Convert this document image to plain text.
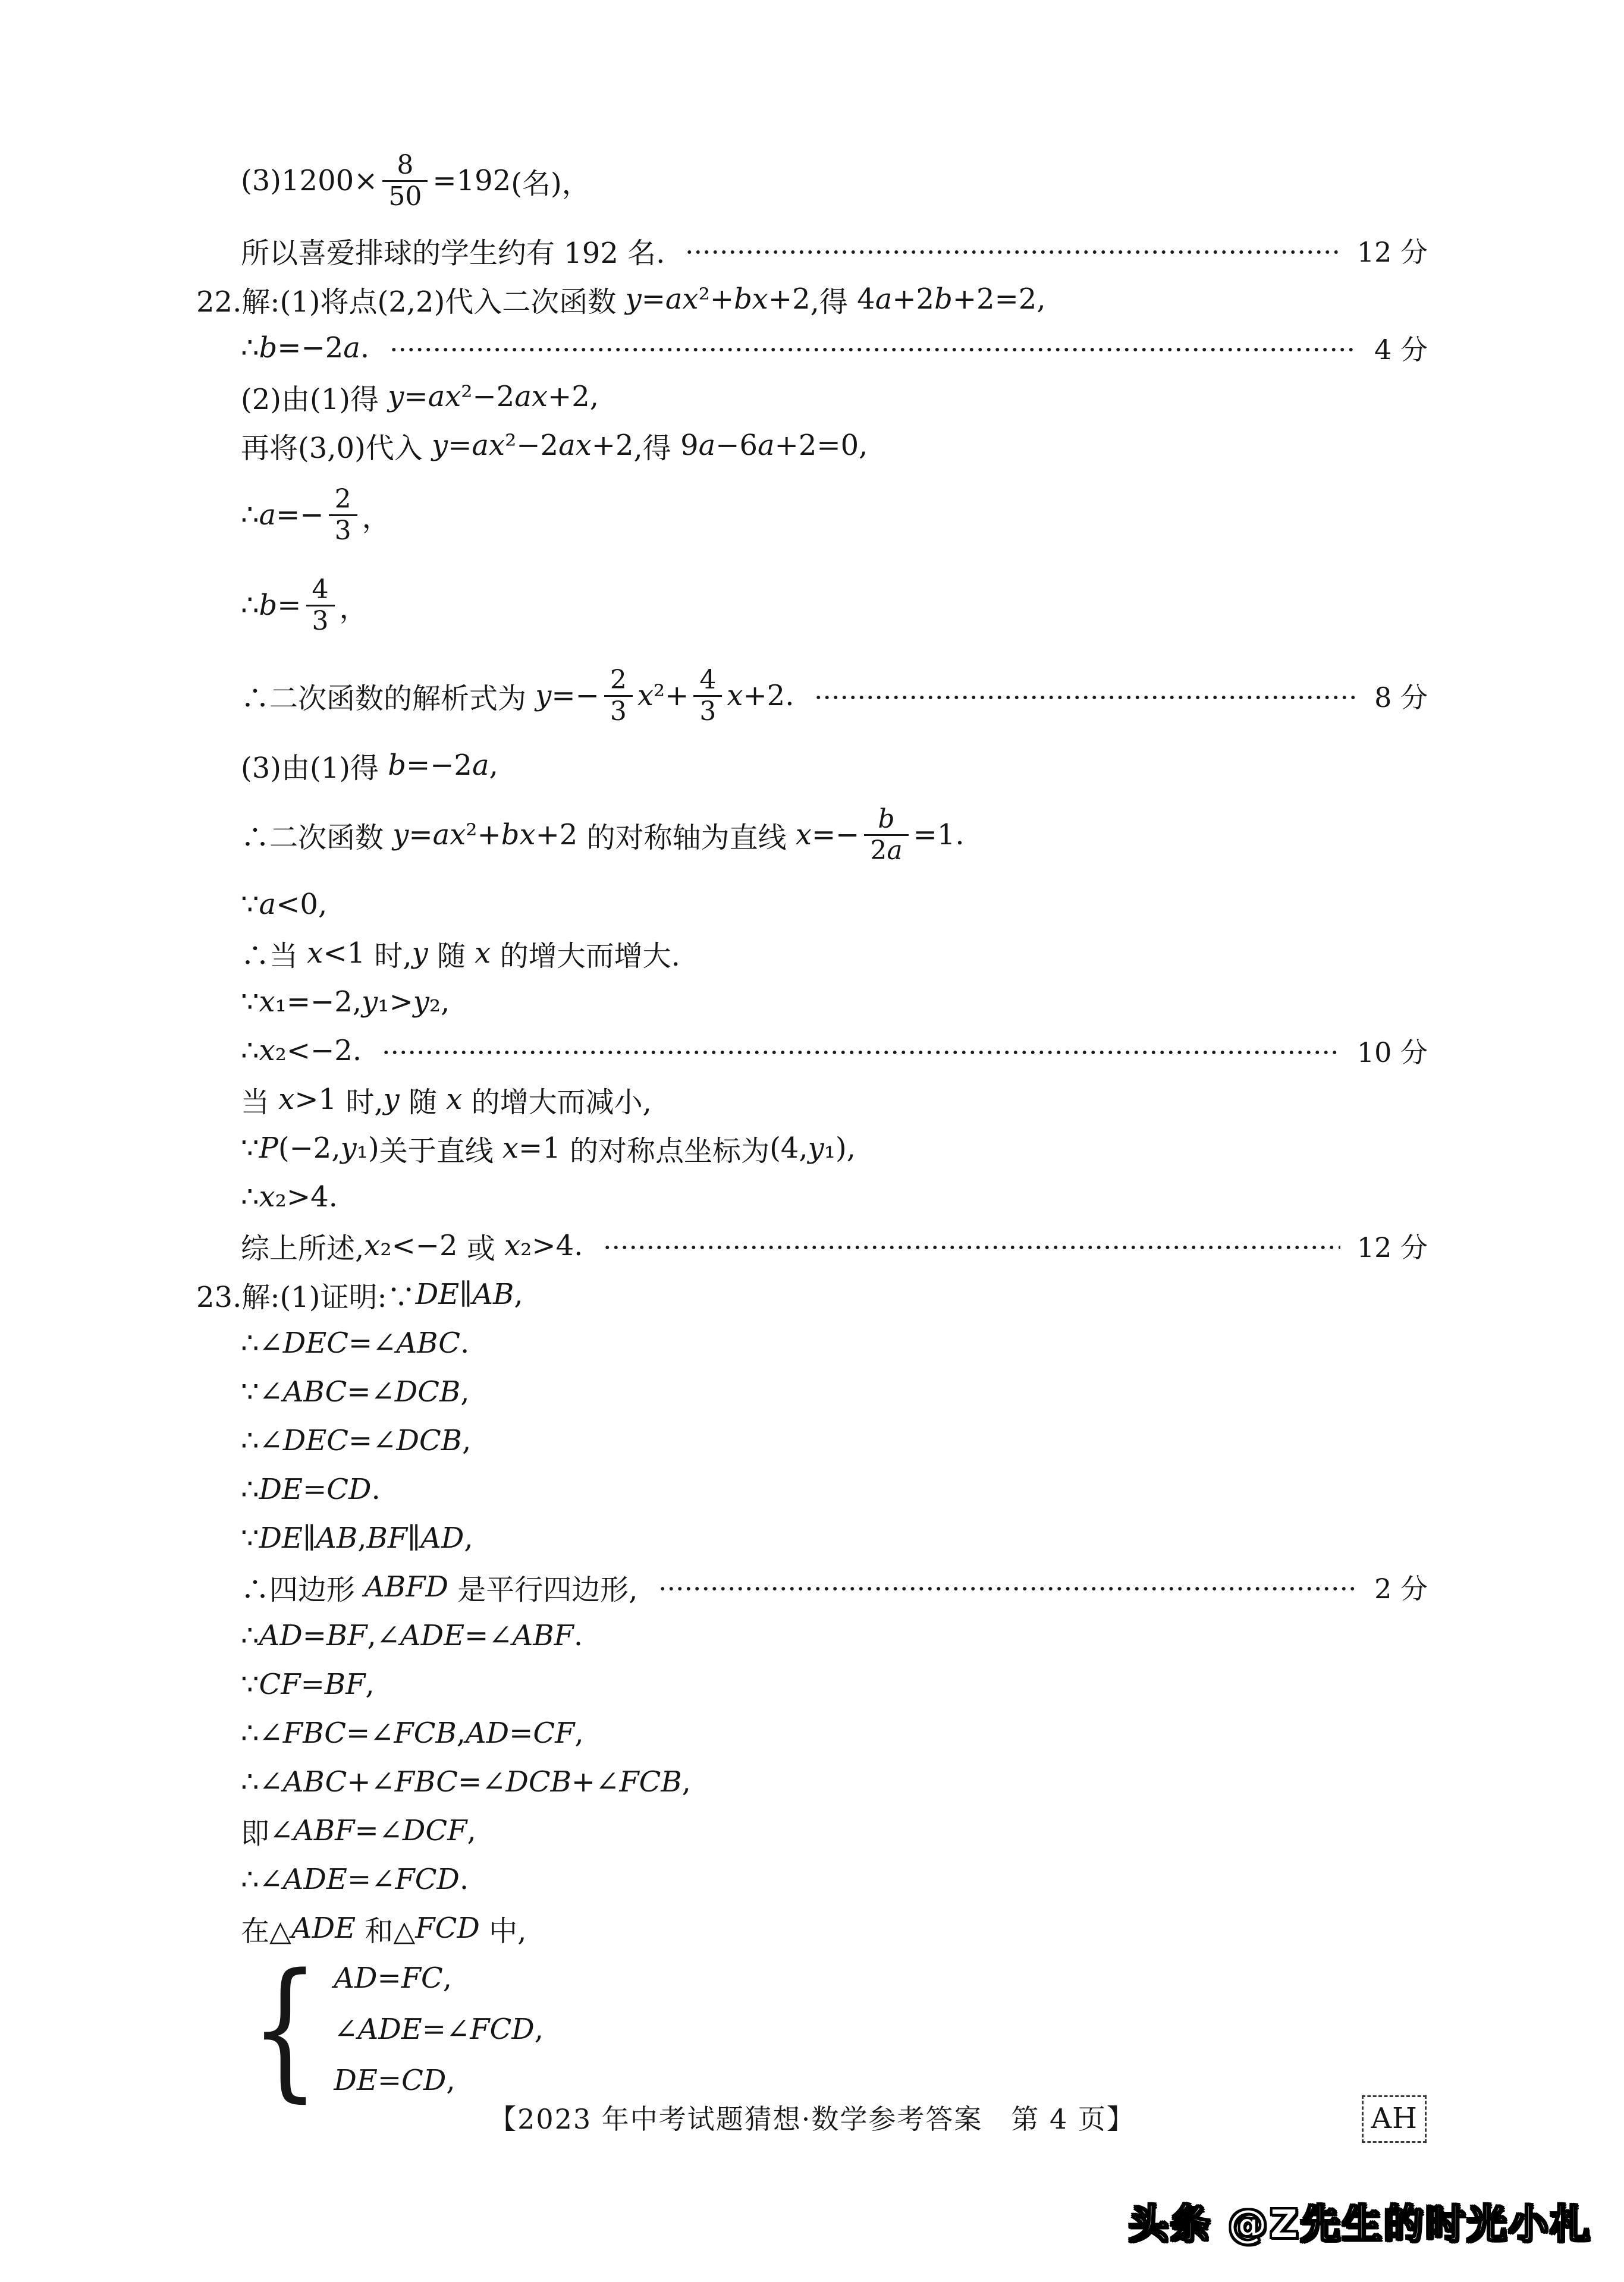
$(3)1200\times \frac{8}{50} =192$ (名)，
所以喜爱排球的学生约有 192 名.	12 分
22.解:(1)将点(2,2)代入二次函数 y=ax²+bx+2 ,得 4a+2b+2=2 ,
∴ b=−2a.	4 分
(2)由(1)得 y=ax²−2ax+2 ,
再将(3,0)代入 y=ax²−2ax+2 ,得 9a−6a+2=0 ,
∴ $a=- \frac{2}{3}$ ，
∴ $b= \frac{4}{3}$ ，
∴二次函数的解析式为 $y=- \frac{2}{3} x^2+ \frac{4}{3} x+2$.	8 分
(3)由(1)得 b=−2a ,
∴二次函数 y=ax²+bx+2 的对称轴为直线 $x=- \frac{b}{2a} =1$.
∵ a<0 ,
∴当 x<1 时, y 随 x 的增大而增大.
∵ x₁=−2,y₁>y₂ ,
∴ x₂<−2.	10 分
当 x>1 时, y 随 x 的增大而减小,
∵ P(−2,y₁) 关于直线 x=1 的对称点坐标为 (4,y₁) ,
∴ x₂>4.
综上所述, x₂<−2 或 x₂>4.	12 分
23.解:(1)证明:∵ DE∥AB ,
∴ ∠DEC=∠ABC.
∵ ∠ABC=∠DCB ,
∴ ∠DEC=∠DCB ,
∴ DE=CD.
∵ DE∥AB,BF∥AD ,
∴四边形 ABFD 是平行四边形,	2 分
∴ AD=BF,∠ADE=∠ABF.
∵ CF=BF ,
∴ ∠FBC=∠FCB,AD=CF ,
∴ ∠ABC+∠FBC=∠DCB+∠FCB ,
即 ∠ABF=∠DCF ,
∴ ∠ADE=∠FCD.
在△ ADE 和△ FCD 中,
{ AD=FC,
∠ADE=∠FCD,
DE=CD,
【2023 年中考试题猜想·数学参考答案　第 4 页】	AH
头条 @Z先生的时光小札
